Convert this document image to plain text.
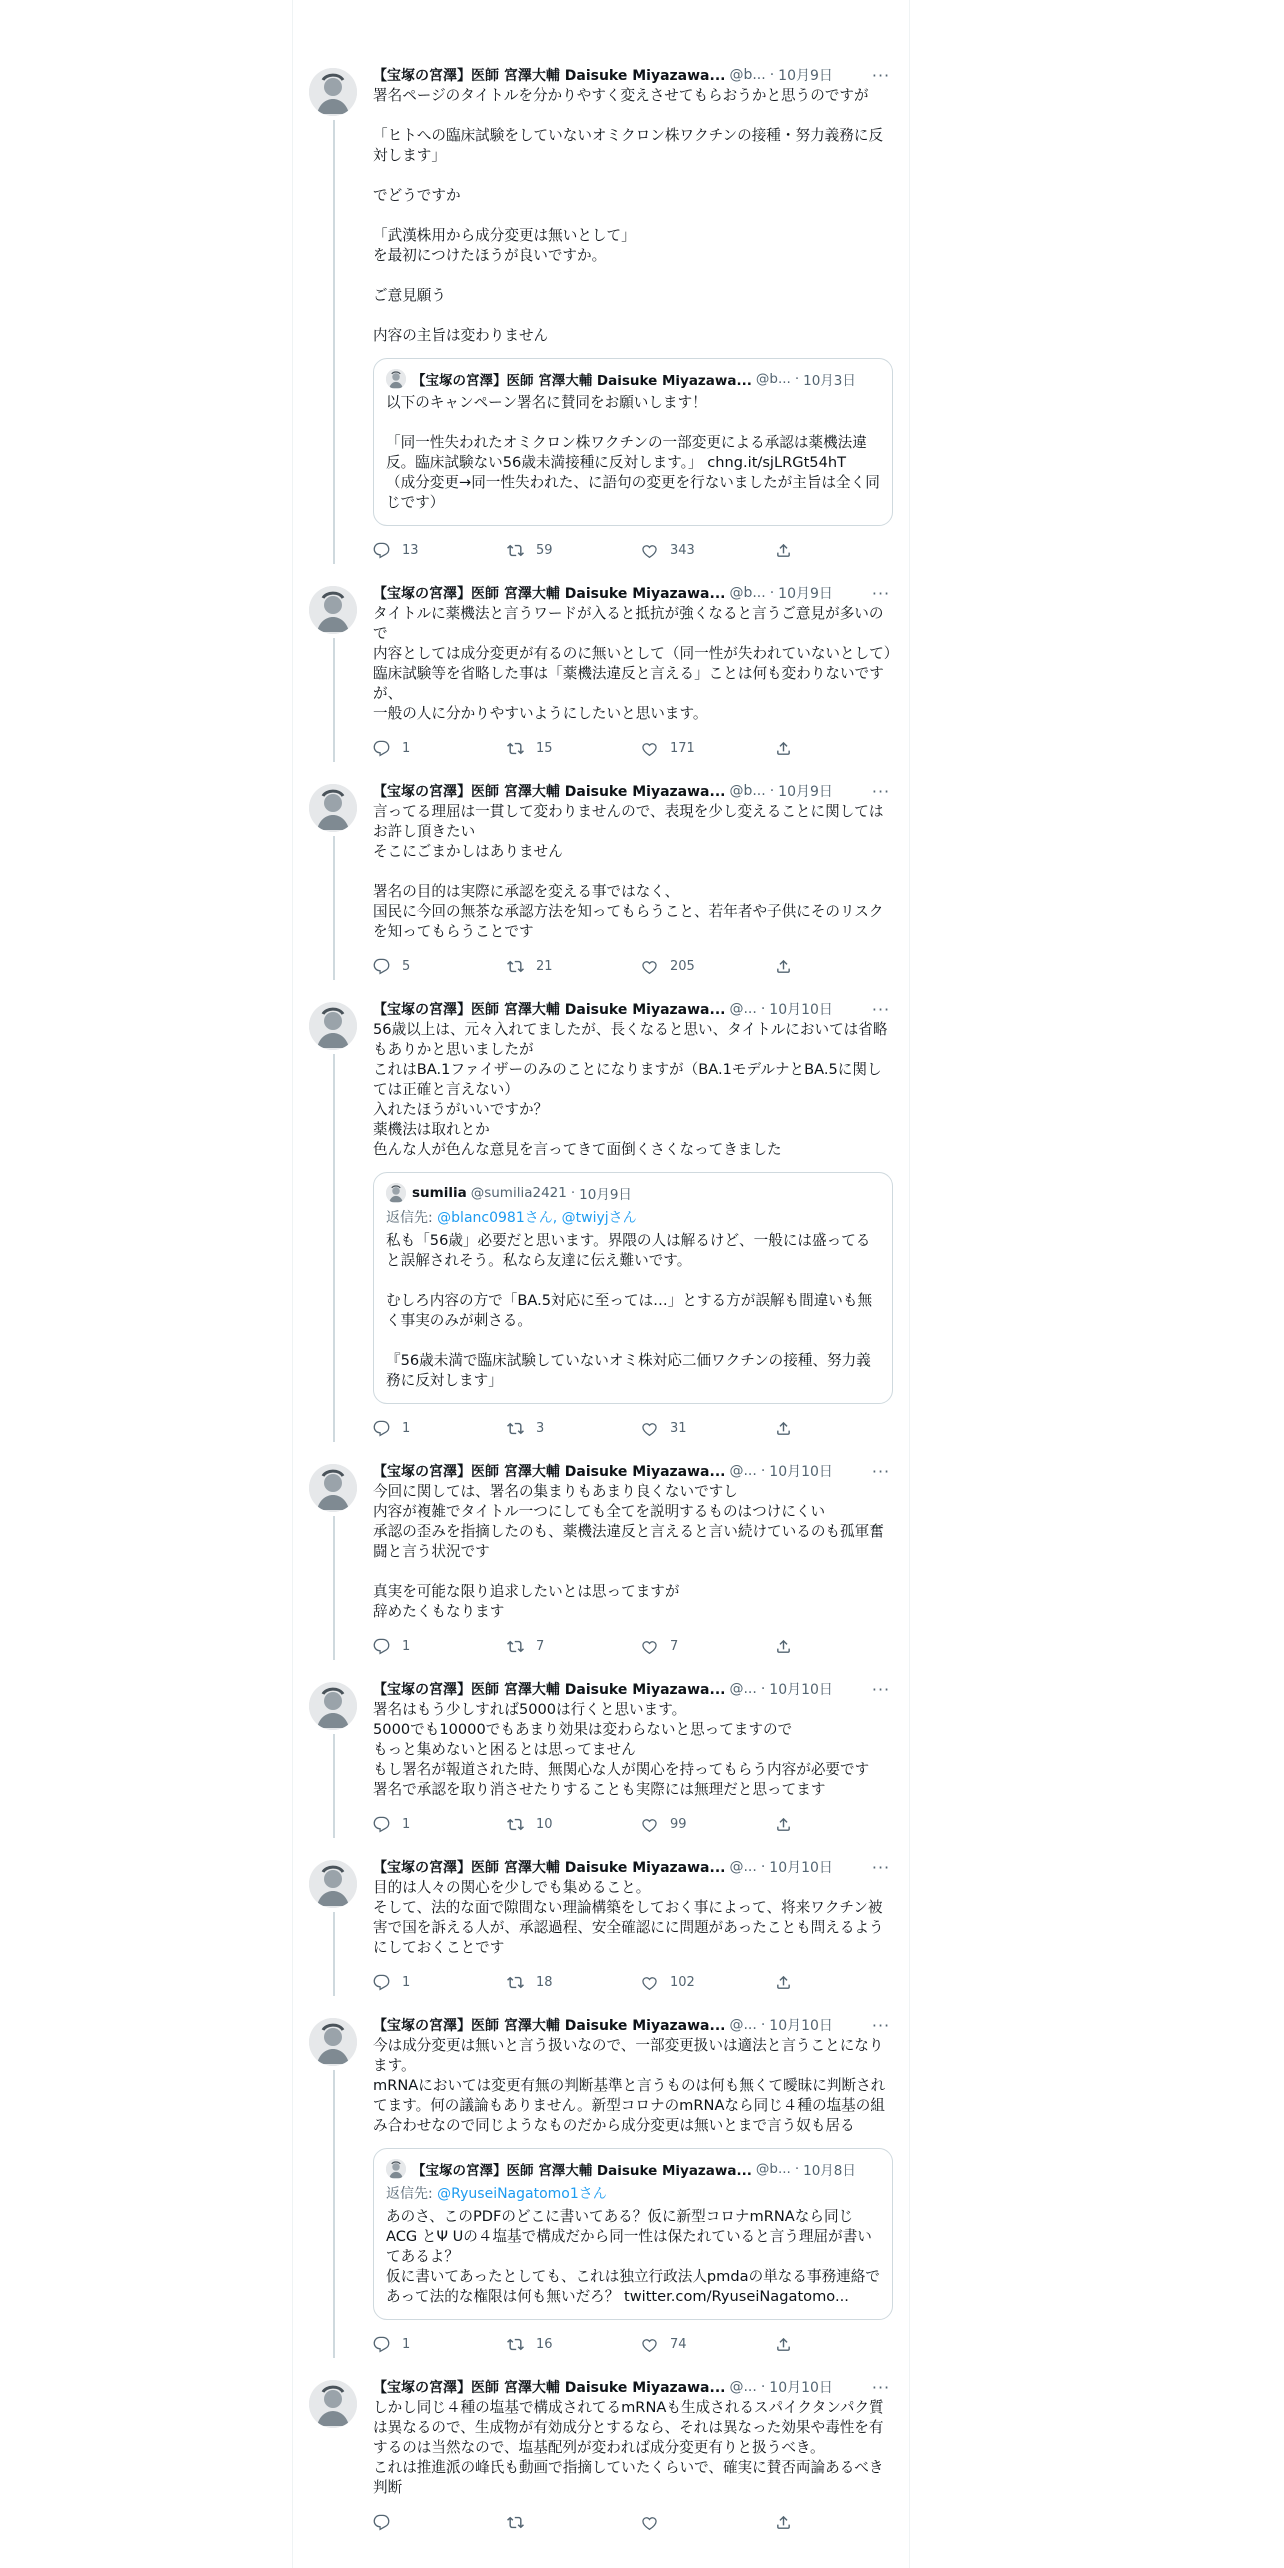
【宝塚の宮澤】医師 宮澤大輔 Daisuke Miyazawa... @b... · 10月9日 ···
署名ページのタイトルを分かりやすく変えさせてもらおうかと思うのですが

「ヒトへの臨床試験をしていないオミクロン株ワクチンの接種・努力義務に反対します」

でどうですか

「武漢株用から成分変更は無いとして」
を最初につけたほうが良いですか。

ご意見願う

内容の主旨は変わりません
【宝塚の宮澤】医師 宮澤大輔 Daisuke Miyazawa... @b... · 10月3日
以下のキャンペーン署名に賛同をお願いします！

「同一性失われたオミクロン株ワクチンの一部変更による承認は薬機法違反。臨床試験ない56歳未満接種に反対します。」 chng.it/sjLRGt54hT
（成分変更→同一性失われた、に語句の変更を行ないましたが主旨は全く同じです）
13	59	343
【宝塚の宮澤】医師 宮澤大輔 Daisuke Miyazawa... @b... · 10月9日 ···
タイトルに薬機法と言うワードが入ると抵抗が強くなると言うご意見が多いので
内容としては成分変更が有るのに無いとして（同一性が失われていないとして）臨床試験等を省略した事は「薬機法違反と言える」ことは何も変わりないですが、
一般の人に分かりやすいようにしたいと思います。
1	15	171
【宝塚の宮澤】医師 宮澤大輔 Daisuke Miyazawa... @b... · 10月9日 ···
言ってる理屈は一貫して変わりませんので、表現を少し変えることに関してはお許し頂きたい
そこにごまかしはありません

署名の目的は実際に承認を変える事ではなく、
国民に今回の無茶な承認方法を知ってもらうこと、若年者や子供にそのリスクを知ってもらうことです
5	21	205
【宝塚の宮澤】医師 宮澤大輔 Daisuke Miyazawa... @... · 10月10日 ···
56歳以上は、元々入れてましたが、長くなると思い、タイトルにおいては省略もありかと思いましたが
これはBA.1ファイザーのみのことになりますが（BA.1モデルナとBA.5に関しては正確と言えない）
入れたほうがいいですか？
薬機法は取れとか
色んな人が色んな意見を言ってきて面倒くさくなってきました
sumilia @sumilia2421 · 10月9日
返信先: @blanc0981さん, @twiyjさん
私も「56歳」必要だと思います。界隈の人は解るけど、一般には盛ってると誤解されそう。私なら友達に伝え難いです。

むしろ内容の方で「BA.5対応に至っては…」とする方が誤解も間違いも無く事実のみが刺さる。

『56歳未満で臨床試験していないオミ株対応二価ワクチンの接種、努力義務に反対します」
1	3	31
【宝塚の宮澤】医師 宮澤大輔 Daisuke Miyazawa... @... · 10月10日 ···
今回に関しては、署名の集まりもあまり良くないですし
内容が複雑でタイトル一つにしても全てを説明するものはつけにくい
承認の歪みを指摘したのも、薬機法違反と言えると言い続けているのも孤軍奮闘と言う状況です

真実を可能な限り追求したいとは思ってますが
辞めたくもなります
1	7	7
【宝塚の宮澤】医師 宮澤大輔 Daisuke Miyazawa... @... · 10月10日 ···
署名はもう少しすれば5000は行くと思います。
5000でも10000でもあまり効果は変わらないと思ってますので
もっと集めないと困るとは思ってません
もし署名が報道された時、無関心な人が関心を持ってもらう内容が必要です
署名で承認を取り消させたりすることも実際には無理だと思ってます
1	10	99
【宝塚の宮澤】医師 宮澤大輔 Daisuke Miyazawa... @... · 10月10日 ···
目的は人々の関心を少しでも集めること。
そして、法的な面で隙間ない理論構築をしておく事によって、将来ワクチン被害で国を訴える人が、承認過程、安全確認にに問題があったことも問えるようにしておくことです
1	18	102
【宝塚の宮澤】医師 宮澤大輔 Daisuke Miyazawa... @... · 10月10日 ···
今は成分変更は無いと言う扱いなので、一部変更扱いは適法と言うことになります。
mRNAにおいては変更有無の判断基準と言うものは何も無くて曖昧に判断されてます。何の議論もありません。新型コロナのmRNAなら同じ４種の塩基の組み合わせなので同じようなものだから成分変更は無いとまで言う奴も居る
【宝塚の宮澤】医師 宮澤大輔 Daisuke Miyazawa... @b... · 10月8日
返信先: @RyuseiNagatomo1さん
あのさ、このPDFのどこに書いてある？仮に新型コロナmRNAなら同じACG とΨ Uの４塩基で構成だから同一性は保たれていると言う理屈が書いてあるよ？
仮に書いてあったとしても、これは独立行政法人pmdaの単なる事務連絡であって法的な権限は何も無いだろ？ twitter.com/RyuseiNagatomo...
1	16	74
【宝塚の宮澤】医師 宮澤大輔 Daisuke Miyazawa... @... · 10月10日 ···
しかし同じ４種の塩基で構成されてるmRNAも生成されるスパイクタンパク質は異なるので、生成物が有効成分とするなら、それは異なった効果や毒性を有するのは当然なので、塩基配列が変われば成分変更有りと扱うべき。
これは推進派の峰氏も動画で指摘していたくらいで、確実に賛否両論あるべき判断
